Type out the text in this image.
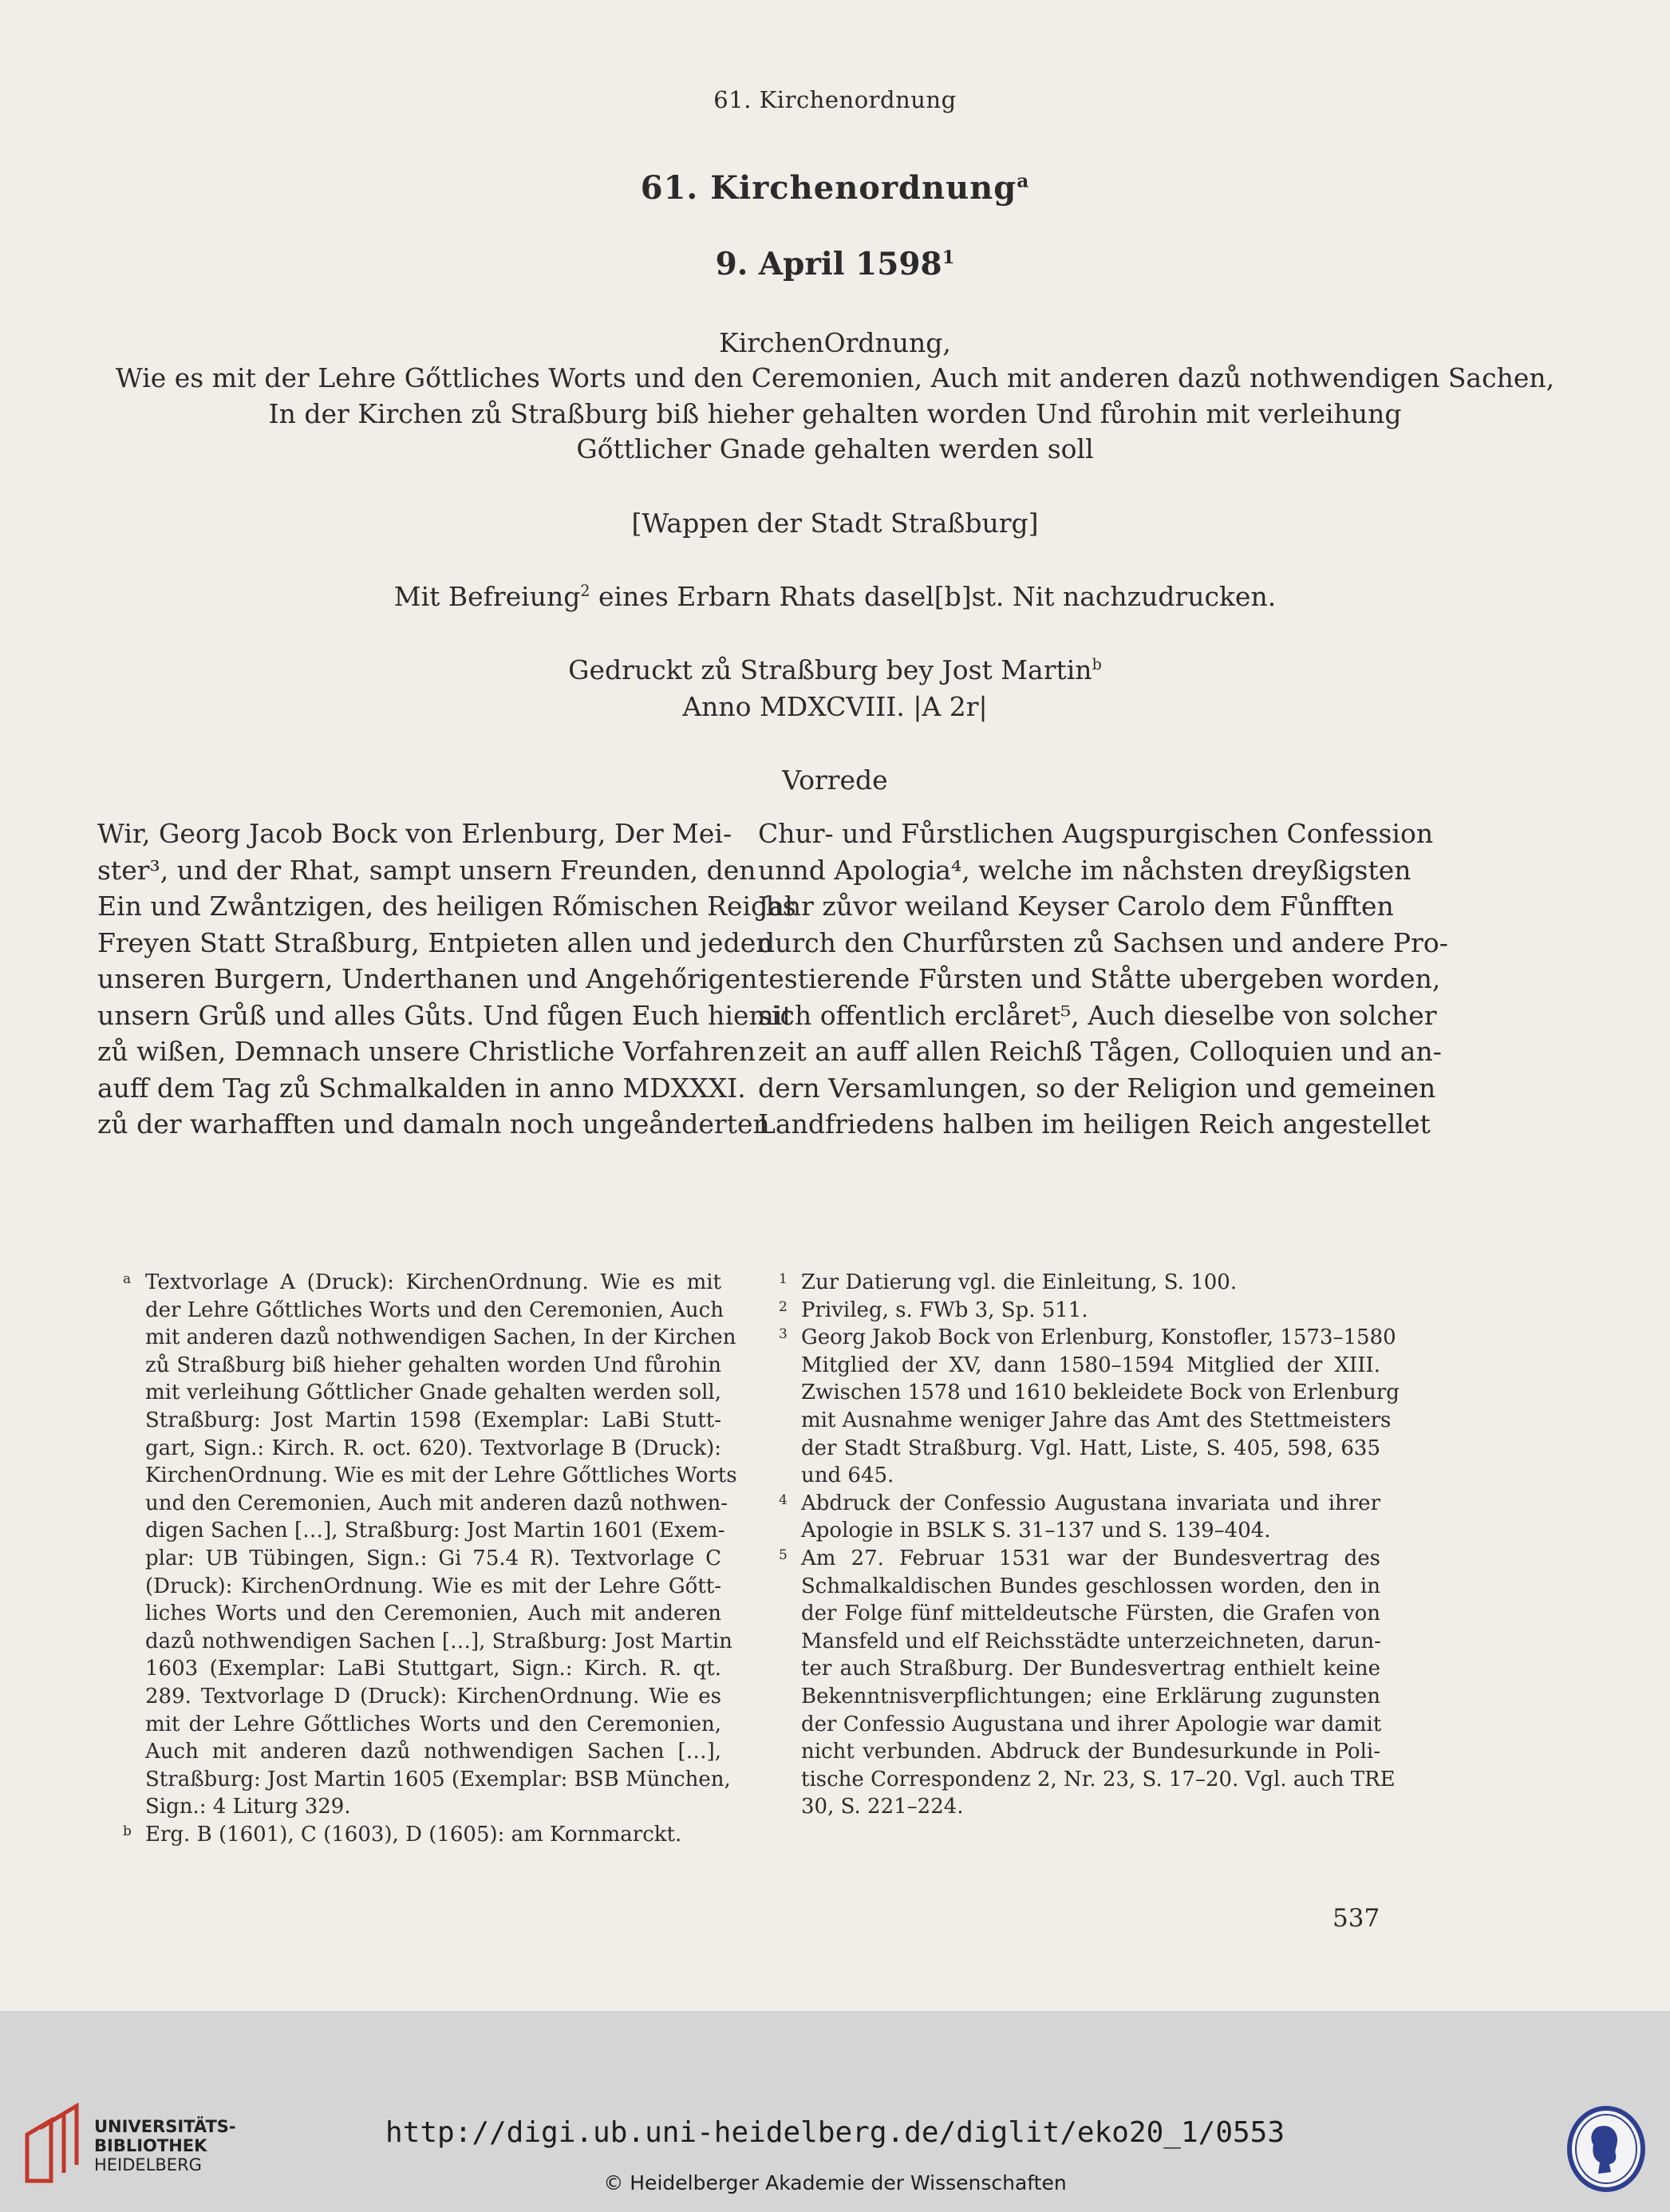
61. Kirchenordnung
61. Kirchenordnung$^a$
9. April 1598$^1$
KirchenOrdnung,
Wie es mit der Lehre Gőttliches Worts und den Ceremonien, Auch mit anderen dazů nothwendigen Sachen,
In der Kirchen zů Straßburg biß hieher gehalten worden Und fůrohin mit verleihung
Gőttlicher Gnade gehalten werden soll
[Wappen der Stadt Straßburg]
Mit Befreiung$^2$ eines Erbarn Rhats dasel[b]st. Nit nachzudrucken.
Gedruckt zů Straßburg bey Jost Martin$^b$
Anno MDXCVIII. |A 2r|
Vorrede
Wir, Georg Jacob Bock von Erlenburg, Der Mei-
ster³, und der Rhat, sampt unsern Freunden, den
Ein und Zwåntzigen, des heiligen Rőmischen Reichs
Freyen Statt Straßburg, Entpieten allen und jeden
unseren Burgern, Underthanen und Angehőrigen
unsern Grůß und alles Gůts. Und fůgen Euch hiemit
zů wißen, Demnach unsere Christliche Vorfahren
auff dem Tag zů Schmalkalden in anno MDXXXI.
zů der warhafften und damaln noch ungeånderten
Chur- und Fůrstlichen Augspurgischen Confession
unnd Apologia⁴, welche im nåchsten dreyßigsten
Jahr zůvor weiland Keyser Carolo dem Fůnfften
durch den Churfůrsten zů Sachsen und andere Pro-
testierende Fůrsten und Ståtte ubergeben worden,
sich offentlich erclåret⁵, Auch dieselbe von solcher
zeit an auff allen Reichß Tågen, Colloquien und an-
dern Versamlungen, so der Religion und gemeinen
Landfriedens halben im heiligen Reich angestellet
a Textvorlage A (Druck): KirchenOrdnung. Wie es mit
der Lehre Gőttliches Worts und den Ceremonien, Auch
mit anderen dazů nothwendigen Sachen, In der Kirchen
zů Straßburg biß hieher gehalten worden Und fůrohin
mit verleihung Gőttlicher Gnade gehalten werden soll,
Straßburg: Jost Martin 1598 (Exemplar: LaBi Stutt-
gart, Sign.: Kirch. R. oct. 620). Textvorlage B (Druck):
KirchenOrdnung. Wie es mit der Lehre Gőttliches Worts
und den Ceremonien, Auch mit anderen dazů nothwen-
digen Sachen […], Straßburg: Jost Martin 1601 (Exem-
plar: UB Tübingen, Sign.: Gi 75.4 R). Textvorlage C
(Druck): KirchenOrdnung. Wie es mit der Lehre Gőtt-
liches Worts und den Ceremonien, Auch mit anderen
dazů nothwendigen Sachen […], Straßburg: Jost Martin
1603 (Exemplar: LaBi Stuttgart, Sign.: Kirch. R. qt.
289. Textvorlage D (Druck): KirchenOrdnung. Wie es
mit der Lehre Gőttliches Worts und den Ceremonien,
Auch mit anderen dazů nothwendigen Sachen […],
Straßburg: Jost Martin 1605 (Exemplar: BSB München,
Sign.: 4 Liturg 329.
b Erg. B (1601), C (1603), D (1605): am Kornmarckt.
1 Zur Datierung vgl. die Einleitung, S. 100.
2 Privileg, s. FWb 3, Sp. 511.
3 Georg Jakob Bock von Erlenburg, Konstofler, 1573–1580
Mitglied der XV, dann 1580–1594 Mitglied der XIII.
Zwischen 1578 und 1610 bekleidete Bock von Erlenburg
mit Ausnahme weniger Jahre das Amt des Stettmeisters
der Stadt Straßburg. Vgl. Hatt, Liste, S. 405, 598, 635
und 645.
4 Abdruck der Confessio Augustana invariata und ihrer
Apologie in BSLK S. 31–137 und S. 139–404.
5 Am 27. Februar 1531 war der Bundesvertrag des
Schmalkaldischen Bundes geschlossen worden, den in
der Folge fünf mitteldeutsche Fürsten, die Grafen von
Mansfeld und elf Reichsstädte unterzeichneten, darun-
ter auch Straßburg. Der Bundesvertrag enthielt keine
Bekenntnisverpflichtungen; eine Erklärung zugunsten
der Confessio Augustana und ihrer Apologie war damit
nicht verbunden. Abdruck der Bundesurkunde in Poli-
tische Correspondenz 2, Nr. 23, S. 17–20. Vgl. auch TRE
30, S. 221–224.
537
UNIVERSITÄTS-
BIBLIOTHEK
HEIDELBERG
http://digi.ub.uni-heidelberg.de/diglit/eko20_1/0553
© Heidelberger Akademie der Wissenschaften
